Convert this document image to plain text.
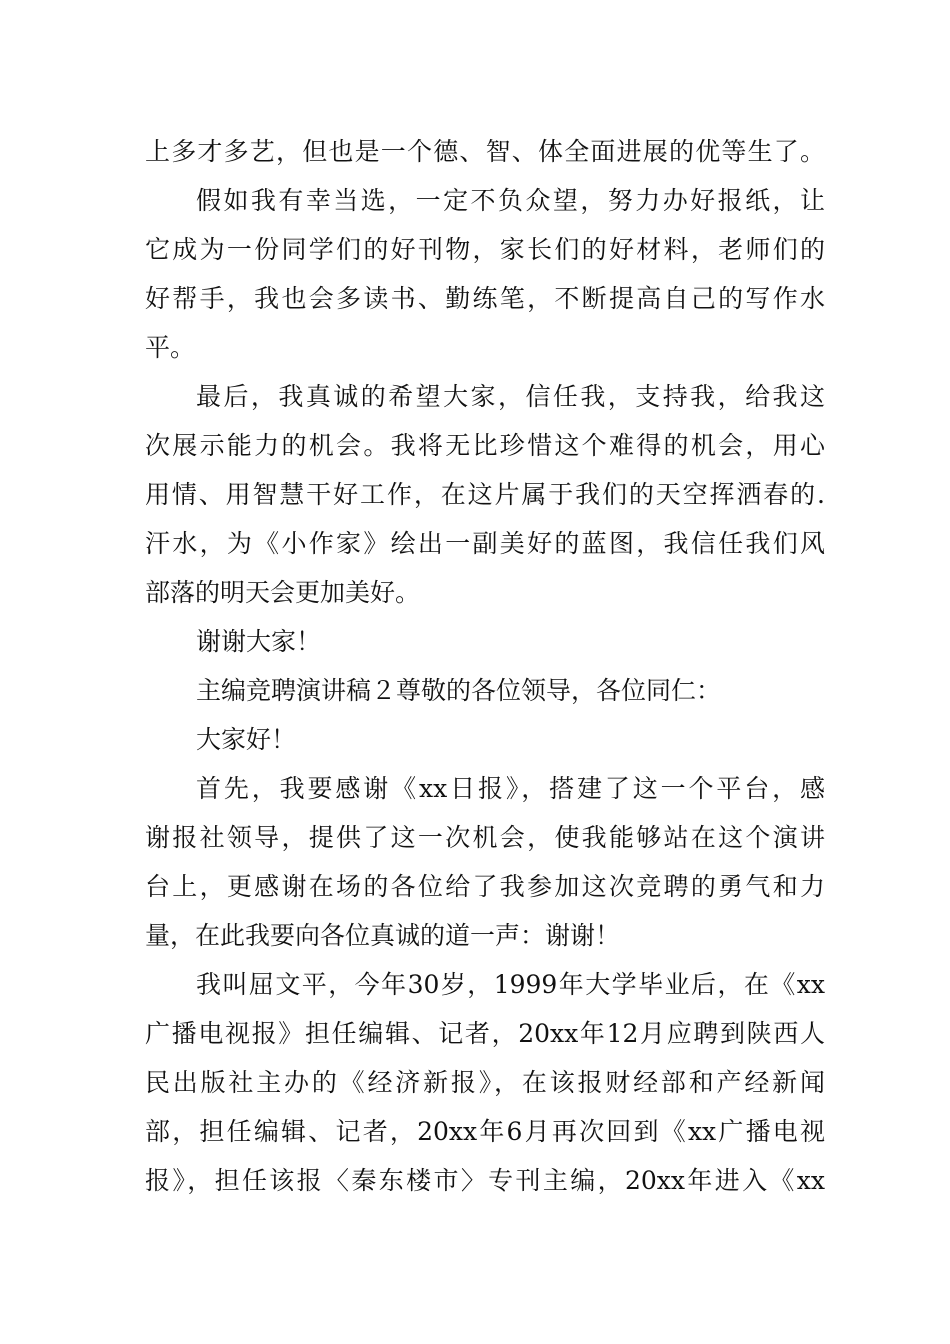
上多才多艺，但也是一个德、智、体全面进展的优等生了。

假如我有幸当选，一定不负众望，努力办好报纸，让

它成为一份同学们的好刊物，家长们的好材料，老师们的

好帮手，我也会多读书、勤练笔，不断提高自己的写作水

平。

最后，我真诚的希望大家，信任我，支持我，给我这

次展示能力的机会。我将无比珍惜这个难得的机会，用心

用情、用智慧干好工作，在这片属于我们的天空挥洒春的.

汗水，为《小作家》绘出一副美好的蓝图，我信任我们风

部落的明天会更加美好。

谢谢大家！

主编竞聘演讲稿２尊敬的各位领导，各位同仁：

大家好！

首先，我要感谢《xx日报》，搭建了这一个平台，感

谢报社领导，提供了这一次机会，使我能够站在这个演讲

台上，更感谢在场的各位给了我参加这次竞聘的勇气和力

量，在此我要向各位真诚的道一声：谢谢！

我叫屈文平，今年30岁，1999年大学毕业后，在《xx

广播电视报》担任编辑、记者，20xx年12月应聘到陕西人

民出版社主办的《经济新报》，在该报财经部和产经新闻

部，担任编辑、记者，20xx年6月再次回到《xx广播电视

报》，担任该报〈秦东楼市〉专刊主编，20xx年进入《xx
